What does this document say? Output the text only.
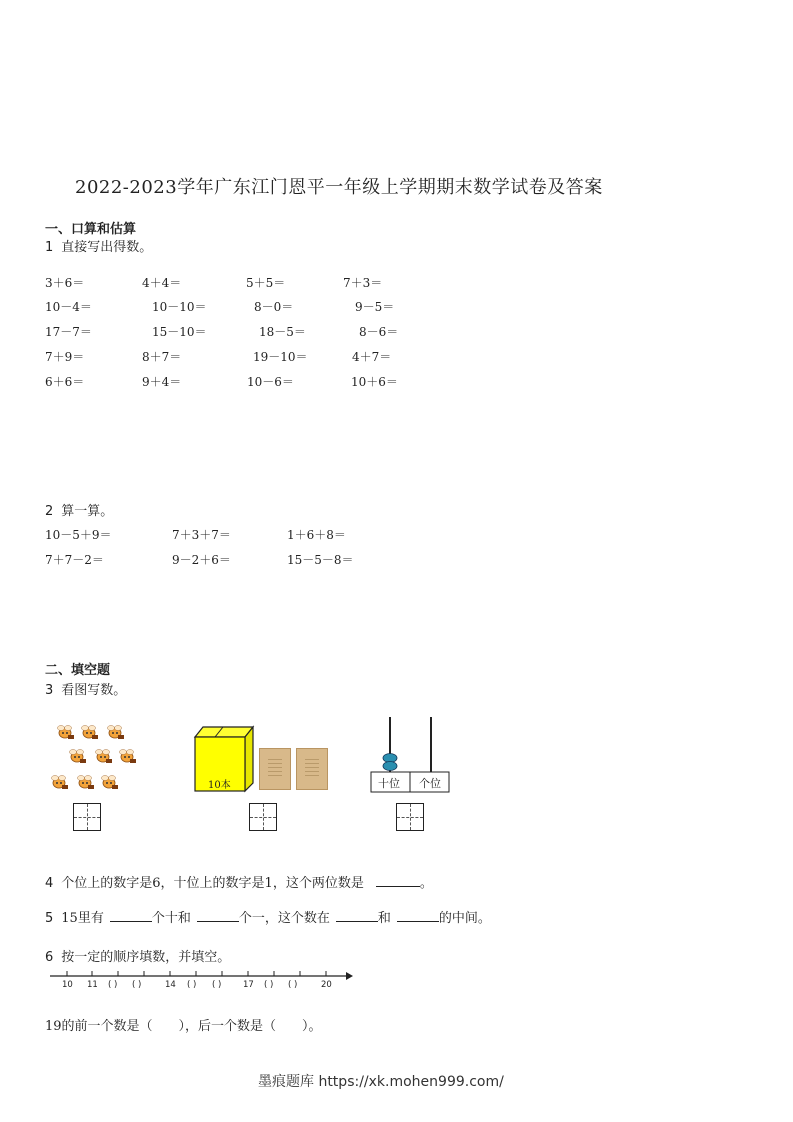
2022-2023学年广东江门恩平一年级上学期期末数学试卷及答案
一、口算和估算
1 直接写出得数。
3＋6＝	4＋4＝	5＋5＝	7＋3＝
10－4＝	10－10＝	8－0＝	9－5＝
17－7＝	15－10＝	18－5＝	8－6＝
7＋9＝	8＋7＝	19－10＝	4＋7＝
6＋6＝	9＋4＝	10－6＝	10＋6＝
2 算一算。
10－5＋9＝	7＋3＋7＝	1＋6＋8＝
7＋7－2＝	9－2＋6＝	15－5－8＝
二、填空题
3 看图写数。
10本	十位 个位
4 个位上的数字是6，十位上的数字是1，这个两位数是	。
5 15里有	个十和	个一，这个数在	和	的中间。
6 按一定的顺序填数，并填空。
10 11 ( ) ( )	14 ( ) ( )	17 ( ) ( )	20
19的前一个数是（　　），后一个数是（　　）。
墨痕题库 https://xk.mohen999.com/
